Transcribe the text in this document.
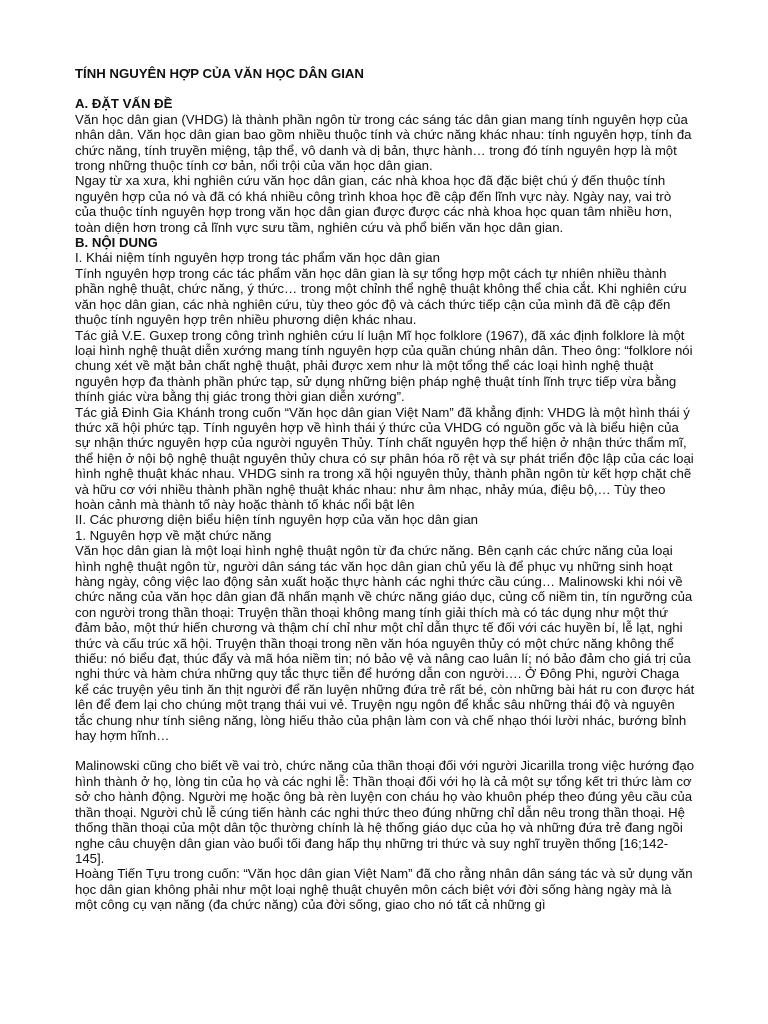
TÍNH NGUYÊN HỢP CỦA VĂN HỌC DÂN GIAN
A. ĐẶT VẤN ĐỀ
Văn học dân gian (VHDG) là thành phần ngôn từ trong các sáng tác dân gian mang tính nguyên hợp của nhân dân. Văn học dân gian bao gồm nhiều thuộc tính và chức năng khác nhau: tính nguyên hợp, tính đa chức năng, tính truyền miệng, tập thể, vô danh và dị bản, thực hành… trong đó tính nguyên hợp là một trong những thuộc tính cơ bản, nổi trội của văn học dân gian.
Ngay từ xa xưa, khi nghiên cứu văn học dân gian, các nhà khoa học đã đặc biệt chú ý đến thuộc tính nguyên hợp của nó và đã có khá nhiều công trình khoa học đề cập đến lĩnh vực này. Ngày nay, vai trò của thuộc tính nguyên hợp trong văn học dân gian được được các nhà khoa học quan tâm nhiều hơn, toàn diện hơn trong cả lĩnh vực sưu tầm, nghiên cứu và phổ biến văn học dân gian.
B. NỘI DUNG
I. Khái niệm tính nguyên hợp trong tác phẩm văn học dân gian
Tính nguyên hợp trong các tác phẩm văn học dân gian là sự tổng hợp một cách tự nhiên nhiều thành phần nghệ thuật, chức năng, ý thức… trong một chỉnh thể nghệ thuật không thể chia cắt. Khi nghiên cứu văn học dân gian, các nhà nghiên cứu, tùy theo góc độ và cách thức tiếp cận của mình đã đề cập đến thuộc tính nguyên hợp trên nhiều phương diện khác nhau.
Tác giả V.E. Guxep trong công trình nghiên cứu lí luận Mĩ học folklore (1967), đã xác định folklore là một loại hình nghệ thuật diễn xướng mang tính nguyên hợp của quần chúng nhân dân. Theo ông: “folklore nói chung xét về mặt bản chất nghệ thuật, phải được xem như là một tổng thể các loại hình nghệ thuật nguyên hợp đa thành phần phức tạp, sử dụng những biện pháp nghệ thuật tính lĩnh trực tiếp vừa bằng thính giác vừa bằng thị giác trong thời gian diễn xướng”.
Tác giả Đinh Gia Khánh trong cuốn “Văn học dân gian Việt Nam” đã khẳng định: VHDG là một hình thái ý thức xã hội phức tạp. Tính nguyên hợp về hình thái ý thức của VHDG có nguồn gốc và là biểu hiện của sự nhận thức nguyên hợp của người nguyên Thủy. Tính chất nguyên hợp thể hiện ở nhận thức thẩm mĩ, thể hiện ở nội bộ nghệ thuật nguyên thủy chưa có sự phân hóa rõ rệt và sự phát triển độc lập của các loại hình nghệ thuật khác nhau. VHDG sinh ra trong xã hội nguyên thủy, thành phần ngôn từ kết hợp chặt chẽ và hữu cơ với nhiều thành phần nghệ thuật khác nhau: như âm nhạc, nhảy múa, điệu bộ,… Tùy theo hoàn cảnh mà thành tố này hoặc thành tố khác nổi bật lên
II. Các phương diện biểu hiện tính nguyên hợp của văn học dân gian
1. Nguyên hợp về mặt chức năng
Văn học dân gian là một loại hình nghệ thuật ngôn từ đa chức năng. Bên cạnh các chức năng của loại hình nghệ thuật ngôn từ, người dân sáng tác văn học dân gian chủ yếu là để phục vụ những sinh hoạt hàng ngày, công việc lao động sản xuất hoặc thực hành các nghi thức cầu cúng… Malinowski khi nói về chức năng của văn học dân gian đã nhấn mạnh về chức năng giáo dục, củng cố niềm tin, tín ngưỡng của con người trong thần thoại: Truyện thần thoại không mang tính giải thích mà có tác dụng như một thứ đảm bảo, một thứ hiến chương và thậm chí chỉ như một chỉ dẫn thực tế đối với các huyền bí, lễ lạt, nghi thức và cấu trúc xã hội. Truyện thần thoại trong nền văn hóa nguyên thủy có một chức năng không thể thiếu: nó biểu đạt, thúc đẩy và mã hóa niềm tin; nó bảo vệ và nâng cao luân lí; nó bảo đảm cho giá trị của nghi thức và hàm chứa những quy tắc thực tiễn để hướng dẫn con người…. Ở Đông Phi, người Chaga kể các truyện yêu tinh ăn thịt người để răn luyện những đứa trẻ rất bé, còn những bài hát ru con được hát lên để đem lại cho chúng một trạng thái vui vẻ. Truyện ngụ ngôn để khắc sâu những thái độ và nguyên tắc chung như tính siêng năng, lòng hiếu thảo của phận làm con và chế nhạo thói lười nhác, bướng bỉnh hay hợm hĩnh…
Malinowski cũng cho biết về vai trò, chức năng của thần thoại đối với người Jicarilla trong việc hướng đạo hình thành ở họ, lòng tin của họ và các nghi lễ: Thần thoại đối với họ là cả một sự tổng kết tri thức làm cơ sở cho hành động. Người mẹ hoặc ông bà rèn luyện con cháu họ vào khuôn phép theo đúng yêu cầu của thần thoại. Người chủ lễ cúng tiến hành các nghi thức theo đúng những chỉ dẫn nêu trong thần thoại. Hệ thống thần thoại của một dân tộc thường chính là hệ thống giáo dục của họ và những đứa trẻ đang ngồi nghe câu chuyện dân gian vào buổi tối đang hấp thụ những tri thức và suy nghĩ truyền thống [16;142-145].
Hoàng Tiến Tựu trong cuốn: “Văn học dân gian Việt Nam” đã cho rằng nhân dân sáng tác và sử dụng văn học dân gian không phải như một loại nghệ thuật chuyên môn cách biệt với đời sống hàng ngày mà là một công cụ vạn năng (đa chức năng) của đời sống, giao cho nó tất cả những gì
